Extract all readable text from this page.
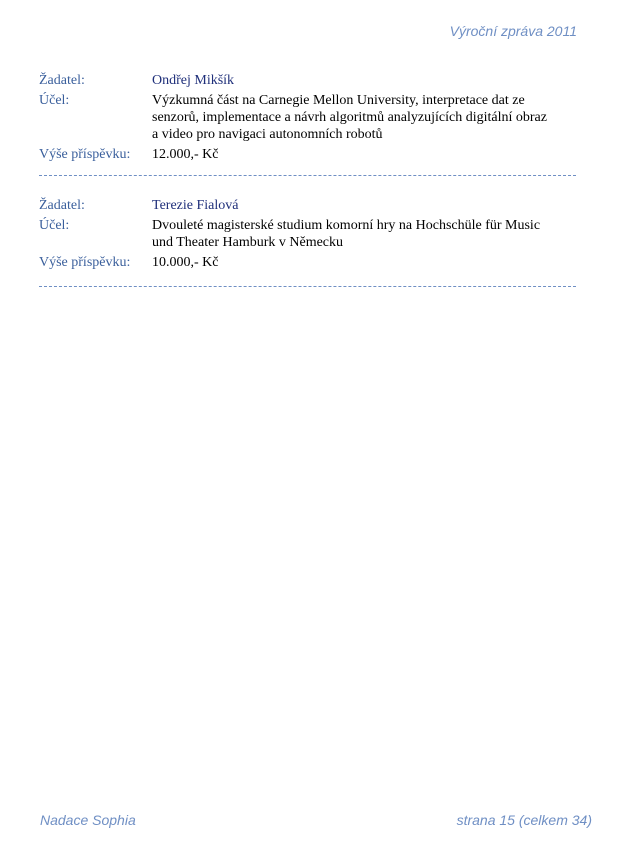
Výroční zpráva 2011
Žadatel:	Ondřej Mikšík
Účel:	Výzkumná část na Carnegie Mellon University, interpretace dat ze
senzorů, implementace a návrh algoritmů analyzujících digitální obraz
a video pro navigaci autonomních robotů
Výše příspěvku:	12.000,- Kč
Žadatel:	Terezie Fialová
Účel:	Dvouleté magisterské studium komorní hry na Hochschüle für Music
und Theater Hamburk v Německu
Výše příspěvku:	10.000,- Kč
Nadace Sophia	strana 15 (celkem 34)
